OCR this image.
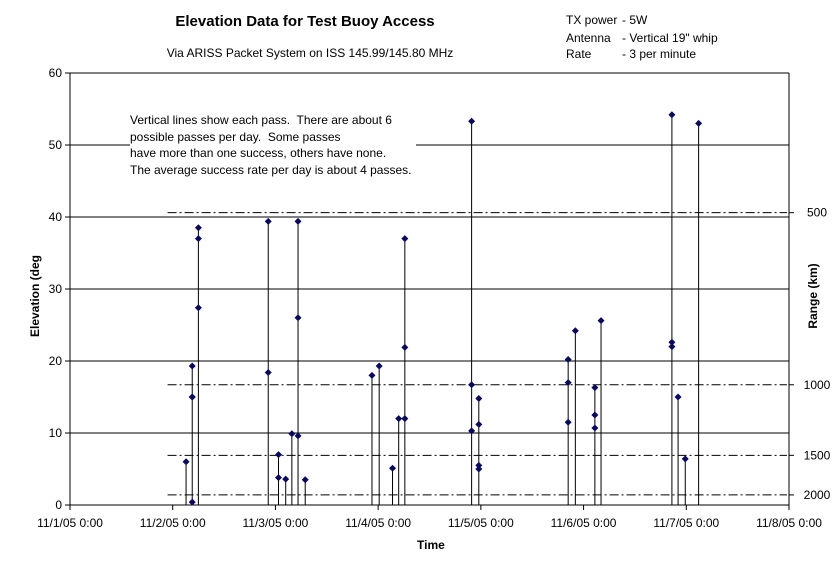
0
10
20
30
40
50
60
11/1/05 0:00	11/2/05 0:00	11/3/05 0:00	11/4/05 0:00	11/5/05 0:00	11/6/05 0:00	11/7/05 0:00	11/8/05 0:00
500
1000
1500
2000
Elevation Data for Test Buoy Access
Via ARISS Packet System on ISS 145.99/145.80 MHz
TX power - 5W
Antenna - Vertical 19" whip
Rate	- 3 per minute
Vertical lines show each pass.  There are about 6
possible passes per day.  Some passes
have more than one success, others have none.
The average success rate per day is about 4 passes.
Time
Elevation (deg	Range (km)
